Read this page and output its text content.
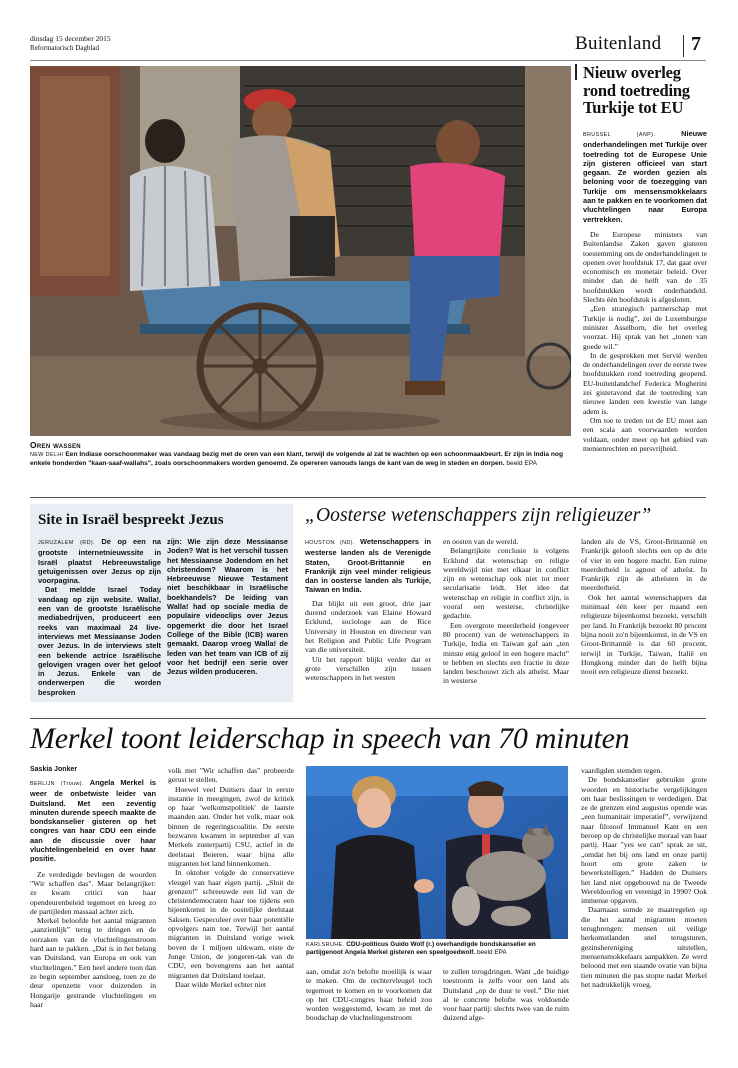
dinsdag 15 december 2015
Reformatorisch Dagblad	Buitenland 7
Oren wassen
NEW DELHI Een Indiase oorschoonmaker was vandaag bezig met de oren van een klant, terwijl de volgende al zat te wachten op een schoonmaakbeurt. Er zijn in India nog enkele honderden "kaan-saaf-wallahs", zoals oorschoonmakers worden genoemd. Ze opereren vanouds langs de kant van de weg in steden en dorpen. beeld EPA
Nieuw overleg rond toetreding Turkije tot EU

BRUSSEL (ANP).	Nieuwe onderhandelingen met Turkije over toetreding tot de Europese Unie zijn gisteren officieel van start gegaan. Ze worden gezien als beloning voor de toezegging van Turkije om mensensmokkelaars aan te pakken en te voorkomen dat vluchtelingen naar Europa vertrekken.

De Europese ministers van Buitenlandse Zaken gaven gisteren toestemming om de onderhandelingen te openen over hoofdstuk 17, dat gaat over economisch en monetair beleid. Over minder dan de helft van de 35 hoofdstukken wordt onderhandeld. Slechts één hoofdstuk is afgesloten.

„Een strategisch partnerschap met Turkije is nodig”, zei de Luxemburgse minister Asselborn, die het overleg voorzat. Hij sprak van het „tonen van goede wil.”

In de gesprekken met Servië werden de onderhandelingen over de eerste twee hoofdstukken rond toetreding geopend. EU-buitenlandchef Federica Mogherini zei gisteravond dat de toetreding van nieuwe landen een kwestie van lange adem is.

Om toe te treden tot de EU moet aan een scala aan voorwaarden worden voldaan, onder meer op het gebied van mensenrechten en persvrijheid.

Site in Israël bespreekt Jezus

JERUZALEM (RD). De op een na grootste internetnieuwssite in Israël plaatst Hebreeuwstalige getuigenissen over Jezus op zijn voorpagina.

Dat meldde Israel Today vandaag op zijn website. Walla!, een van de grootste Israëlische mediabedrijven, produceert een reeks van maximaal 24 live-interviews met Messiaanse Joden over Jezus. In de interviews stelt een bekende actrice Israëlische gelovigen vragen over het geloof in Jezus. Enkele van de onderwerpen die worden besproken

zijn: Wie zijn deze Messiaanse Joden? Wat is het verschil tussen het Messiaanse Jodendom en het christendom? Waarom is het Hebreeuwse Nieuwe Testament niet beschikbaar in Israëlische boekhandels? De leiding van Walla! had op sociale media de populaire videoclips over Jezus opgemerkt die door het Israel College of the Bible (ICB) waren gemaakt. Daarop vroeg Walla! de leden van het team van ICB of zij voor het bedrijf een serie over Jezus wilden produceren.
„Oosterse wetenschappers zijn religieuzer”

HOUSTON (ND). Wetenschappers in westerse landen als de Verenigde Staten, Groot-Brittannië en Frankrijk zijn veel minder religieus dan in oosterse landen als Turkije, Taiwan en India.

Dat blijkt uit een groot, drie jaar durend onderzoek van Elaine Howard Ecklund, sociologe aan de Rice University in Houston en directeur van het Religion and Public Life Program van die universiteit.

Uit het rapport blijkt verder dat er grote verschillen zijn tussen wetenschappers in het westen

en oosten van de wereld.

Belangrijkste conclusie is volgens Ecklund dat wetenschap en religie wereldwijd niet met elkaar in conflict zijn en wetenschap ook niet tot meer secularisatie leidt. Het idee dat wetenschap en religie in conflict zijn, is vooral een westerse, christelijke gedachte.

Een overgrote meerderheid (ongeveer 80 procent) van de wetenschappers in Turkije, India en Taiwan gaf aan „ten minste enig geloof in een hogere macht” te hebben en slechts een fractie in deze landen beschouwt zich als atheïst. Maar in westerse

landen als de VS, Groot-Brittannië en Frankrijk gelooft slechts een op de drie of vier in een hogere macht. Een ruime meerderheid is agnost of atheïst. In Frankrijk zijn de atheïsten in de meerderheid.

Ook het aantal wetenschappers dat minimaal één keer per maand een religieuze bijeenkomst bezoekt, verschilt per land. In Frankrijk bezoekt 80 procent bijna nooit zo'n bijeenkomst, in de VS en Groot-Brittannië is dat 60 procent, terwijl in Turkije, Taiwan, Italië en Hongkong minder dan de helft bijna nooit een religieuze dienst bezoekt.

Merkel toont leiderschap in speech van 70 minuten
Saskia Jonker

BERLIJN (Trouw). Angela Merkel is weer de onbetwiste leider van Duitsland. Met een zeventig minuten durende speech maakte de bondskanselier gisteren op het congres van haar CDU een einde aan de discussie over haar vluchtelingenbeleid en over haar positie.

Ze verdedigde bevlogen de woorden "Wir schaffen das". Maar belangrijker: ze kwam critici van haar opendeurenbeleid tegemoet en kreeg zo de partijleden massaal achter zich.

Merkel beloofde het aantal migranten „aanzienlijk” terug te dringen en de oorzaken van de vluchtelingenstroom hard aan te pakken. „Dat is in het belang van Duitsland, van Europa en ook van vluchtelingen.” Een heel andere toon dan ze begin september aansloeg, toen ze de deur openzette voor duizenden in Hongarije gestrande vluchtelingen en haar

volk met "Wir schaffen das" probeerde gerust te stellen.

Hoewel veel Duitsers daar in eerste instantie in meegingen, zwol de kritiek op haar 'welkomstpolitiek' de laatste maanden aan. Onder het volk, maar ook binnen de regeringscoalitie. De eerste bezwaren kwamen in september al van Merkels zusterpartij CSU, actief in de deelstaat Beieren, waar bijna alle migranten het land binnenkomen.

In oktober volgde de conservatieve vleugel van haar eigen partij. „Sluit de grenzen!” schreeuwde een lid van de christendemocraten haar toe tijdens een bijeenkomst in de oostelijke deelstaat Saksen. Gespeculeer over haar potentiële opvolgers nam toe. Terwijl het aantal migranten in Duitsland vorige week boven de 1 miljoen uitkwam, eiste de Junge Union, de jongeren-tak van de CDU, een bovengrens aan het aantal migranten dat Duitsland toelaat.

Daar wilde Merkel echter niet

KARLSRUHE. CDU-politicus Guido Wolf (r.) overhandigde bondskanselier en partijgenoot Angela Merkel gisteren een speelgoedwolf. beeld EPA

aan, omdat zo'n belofte moeilijk is waar te maken. Om de rechtervleugel toch tegemoet te komen en te voorkomen dat op het CDU-congres haar beleid zou worden weggestemd, kwam ze met de boodschap de vluchtelingenstroom

te zullen terugdringen. Want „de huidige toestroom is zelfs voor een land als Duitsland „op de duur te veel.” Die niet al te concrete belofte was voldoende voor haar partij: slechts twee van de ruim duizend afge-

vaardigden stemden tegen.

De bondskanselier gebruikte grote woorden en historische vergelijkingen om haar beslissingen te verdedigen. Dat ze de grenzen eind augustus opende was „een humanitair imperatief”, verwijzend naar filosoof Immanuel Kant en een beroep op de christelijke moraal van haar partij. Haar "yes we can" sprak ze uit, „omdat het bij ons land en onze partij hoort om grote zaken te bewerkstelligen.” Hadden de Duitsers het land niet opgebouwd na de Tweede Wereldoorlog en verenigd in 1990? Ook immense opgaven.

Daarnaast somde ze maatregelen op die het aantal migranten moeten terugbrengen: mensen uit veilige herkomstlanden snel terugsturen, gezinshereniging uitstellen, mensensmokkelaars aanpakken. Ze werd beloond met een staande ovatie van bijna tien minuten die pas stopte nadat Merkel het nadrukkelijk vroeg.
